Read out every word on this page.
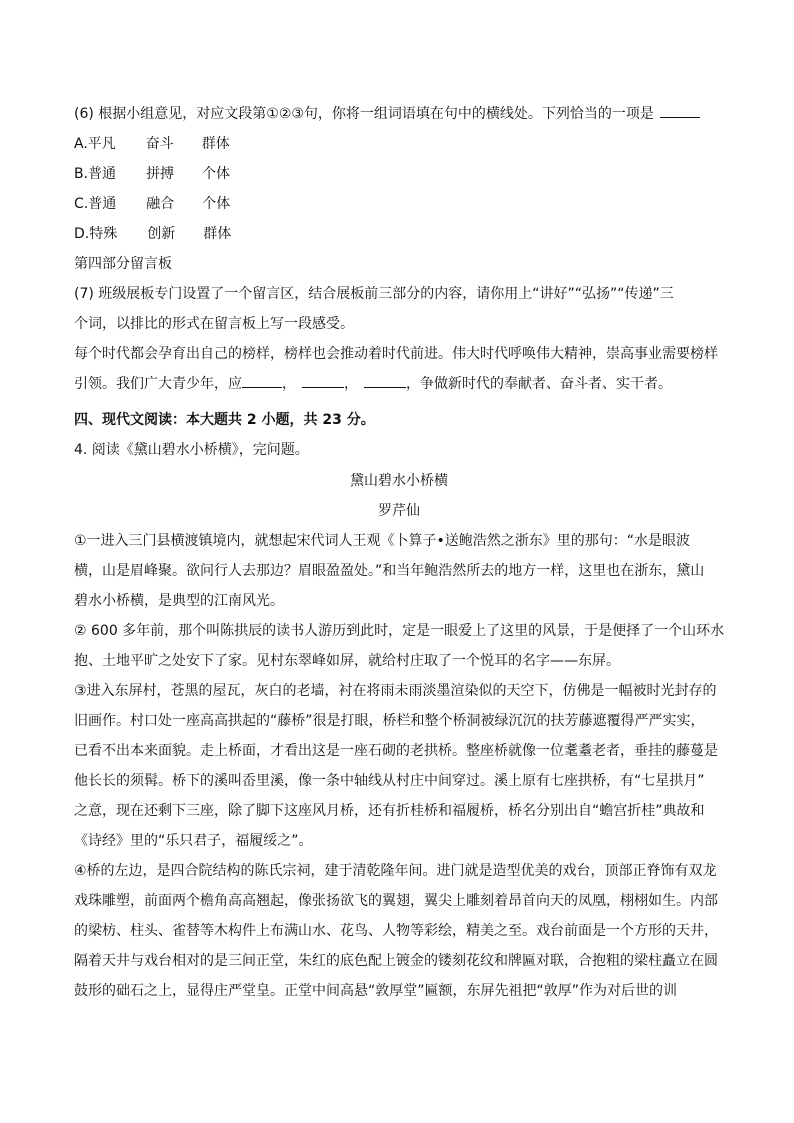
(6) 根据小组意见，对应文段第①②③句，你将一组词语填在句中的横线处。下列恰当的一项是
A. 平凡	奋斗	群体
B. 普通	拼搏	个体
C. 普通	融合	个体
D. 特殊	创新	群体
第四部分留言板
(7) 班级展板专门设置了一个留言区，结合展板前三部分的内容，请你用上“讲好”“弘扬”“传递”三
个词，以排比的形式在留言板上写一段感受。
每个时代都会孕育出自己的榜样，榜样也会推动着时代前进。伟大时代呼唤伟大精神，崇高事业需要榜样
引领。我们广大青少年，应	，	，	，争做新时代的奉献者、奋斗者、实干者。
四、现代文阅读：本大题共 2 小题，共 23 分。
4. 阅读《黛山碧水小桥横》，完问题。
黛山碧水小桥横
罗芹仙
①一进入三门县横渡镇境内，就想起宋代词人王观《卜算子•送鲍浩然之浙东》里的那句：“水是眼波
横，山是眉峰聚。欲问行人去那边？眉眼盈盈处。”和当年鲍浩然所去的地方一样，这里也在浙东，黛山
碧水小桥横，是典型的江南风光。
② 600 多年前，那个叫陈拱辰的读书人游历到此时，定是一眼爱上了这里的风景，于是便择了一个山环水
抱、土地平旷之处安下了家。见村东翠峰如屏，就给村庄取了一个悦耳的名字——东屏。
③进入东屏村，苍黑的屋瓦，灰白的老墙，衬在将雨未雨淡墨渲染似的天空下，仿佛是一幅被时光封存的
旧画作。村口处一座高高拱起的“藤桥”很是打眼，桥栏和整个桥洞被绿沉沉的扶芳藤遮覆得严严实实，
已看不出本来面貌。走上桥面，才看出这是一座石砌的老拱桥。整座桥就像一位耄耋老者，垂挂的藤蔓是
他长长的须髯。桥下的溪叫岙里溪，像一条中轴线从村庄中间穿过。溪上原有七座拱桥，有“七星拱月”
之意，现在还剩下三座，除了脚下这座风月桥，还有折桂桥和福履桥，桥名分别出自“蟾宫折桂”典故和
《诗经》里的“乐只君子，福履绥之”。
④桥的左边，是四合院结构的陈氏宗祠，建于清乾隆年间。进门就是造型优美的戏台，顶部正脊饰有双龙
戏珠雕塑，前面两个檐角高高翘起，像张扬欲飞的翼翅，翼尖上雕刻着昂首向天的凤凰，栩栩如生。内部
的梁枋、柱头、雀替等木构件上布满山水、花鸟、人物等彩绘，精美之至。戏台前面是一个方形的天井，
隔着天井与戏台相对的是三间正堂，朱红的底色配上镀金的镂刻花纹和牌匾对联，合抱粗的梁柱矗立在圆
鼓形的础石之上，显得庄严堂皇。正堂中间高悬“敦厚堂”匾额，东屏先祖把“敦厚”作为对后世的训
